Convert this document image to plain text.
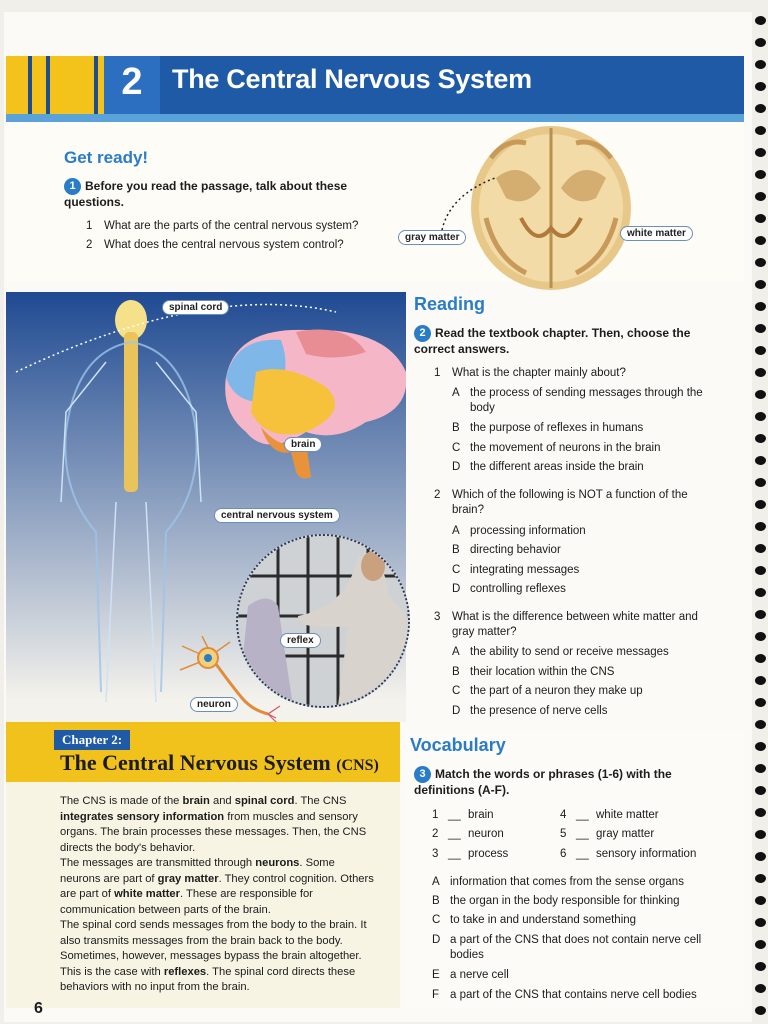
2	The Central Nervous System
Get ready!
1 Before you read the passage, talk about these questions.
1 What are the parts of the central nervous system?
2 What does the central nervous system control?
gray matter	white matter
spinal cord
brain
central nervous system
reflex
neuron
Reading
2 Read the textbook chapter. Then, choose the correct answers.
1 What is the chapter mainly about?
A the process of sending messages through the body
B the purpose of reflexes in humans
C the movement of neurons in the brain
D the different areas inside the brain
2 Which of the following is NOT a function of the brain?
A processing information
B directing behavior
C integrating messages
D controlling reflexes
3 What is the difference between white matter and gray matter?
A the ability to send or receive messages
B their location within the CNS
C the part of a neuron they make up
D the presence of nerve cells
Chapter 2:
The Central Nervous System (CNS)

The CNS is made of the brain and spinal cord. The CNS integrates sensory information from muscles and sensory organs. The brain processes these messages. Then, the CNS directs the body's behavior.

The messages are transmitted through neurons. Some neurons are part of gray matter. They control cognition. Others are part of white matter. These are responsible for communication between parts of the brain.

The spinal cord sends messages from the body to the brain. It also transmits messages from the brain back to the body. Sometimes, however, messages bypass the brain altogether. This is the case with reflexes. The spinal cord directs these behaviors with no input from the brain.

6
Vocabulary
3 Match the words or phrases (1-6) with the definitions (A-F).
1 __ brain	4 __ white matter
2 __ neuron	5 __ gray matter
3 __ process	6 __ sensory information
A information that comes from the sense organs
B the organ in the body responsible for thinking
C to take in and understand something
D a part of the CNS that does not contain nerve cell bodies
E a nerve cell
F a part of the CNS that contains nerve cell bodies
